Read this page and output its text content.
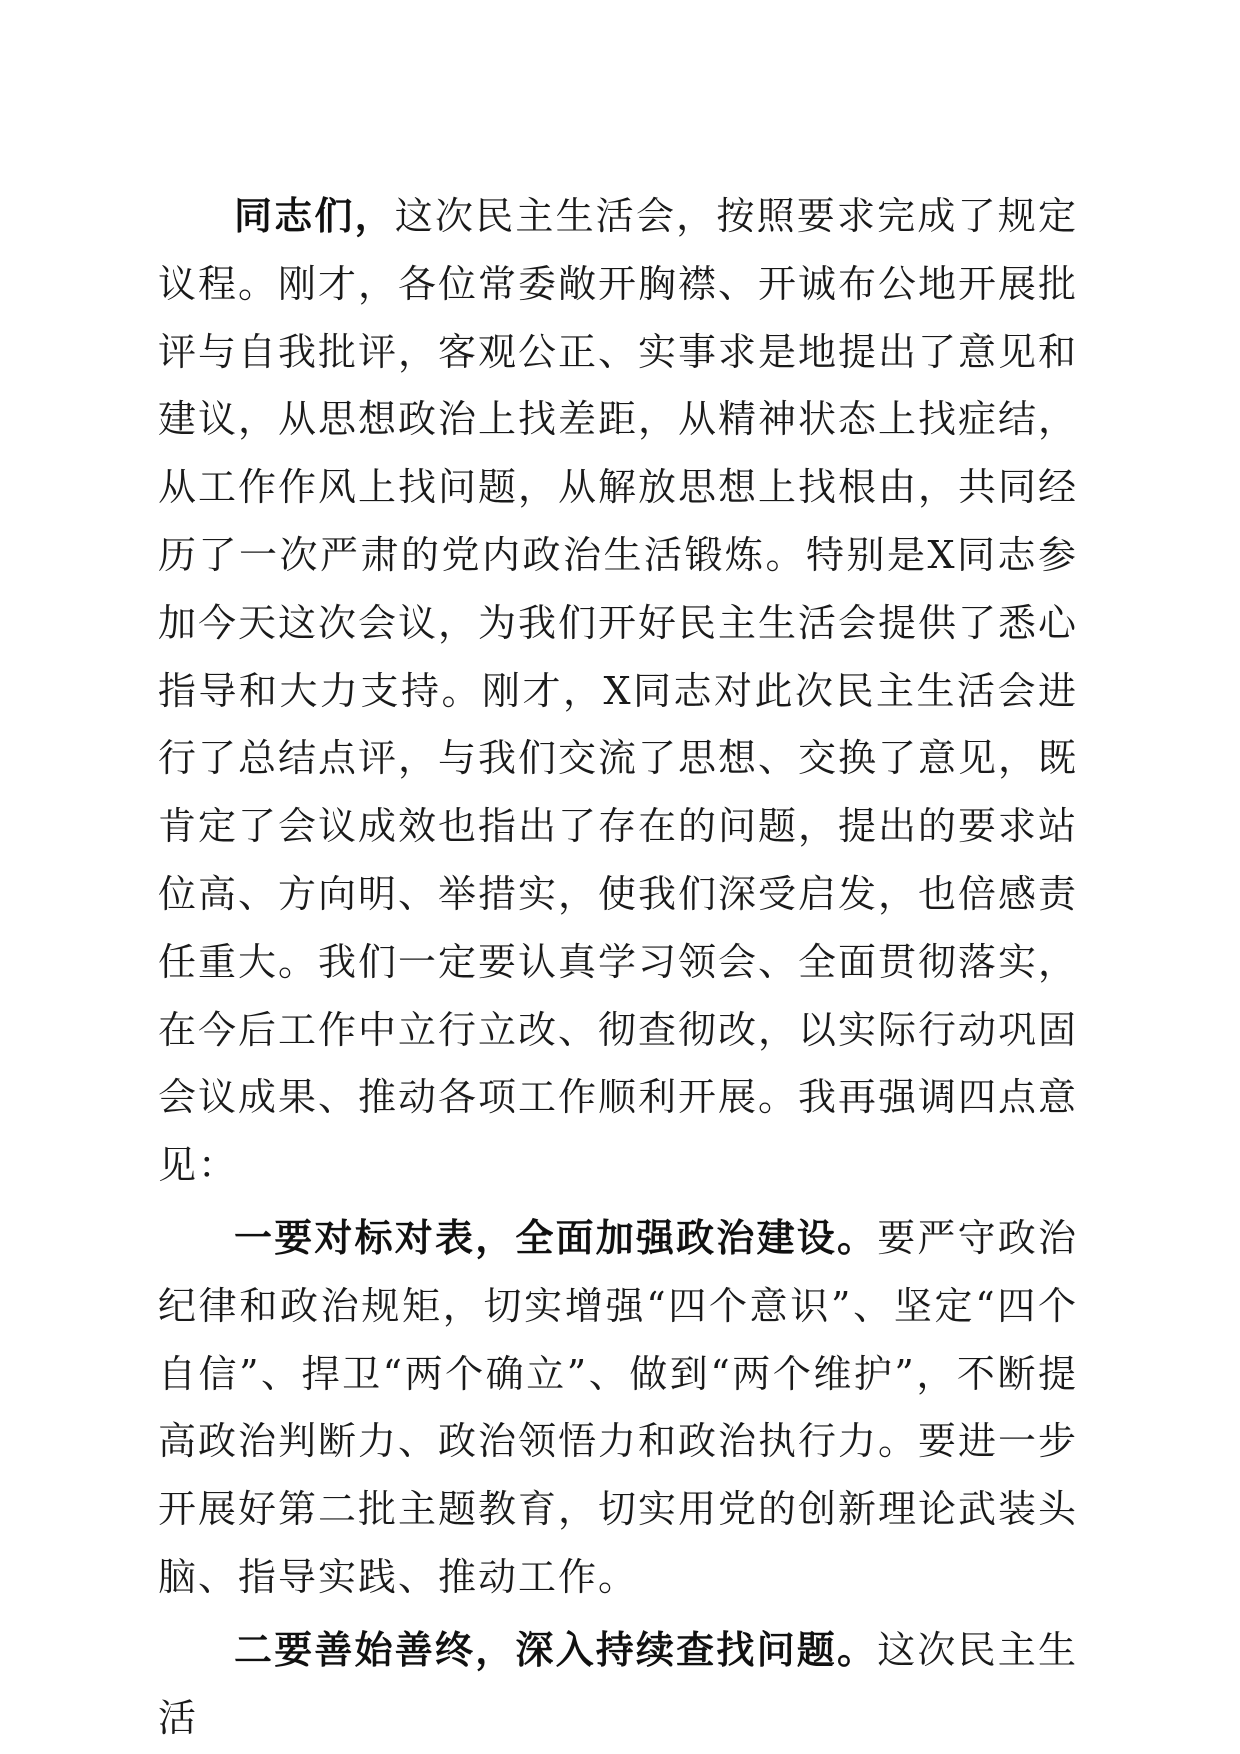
同志们，这次民主生活会，按照要求完成了规定议程。刚才，各位常委敞开胸襟、开诚布公地开展批评与自我批评，客观公正、实事求是地提出了意见和建议，从思想政治上找差距，从精神状态上找症结，从工作作风上找问题，从解放思想上找根由，共同经历了一次严肃的党内政治生活锻炼。特别是X同志参加今天这次会议，为我们开好民主生活会提供了悉心指导和大力支持。刚才，X同志对此次民主生活会进行了总结点评，与我们交流了思想、交换了意见，既肯定了会议成效也指出了存在的问题，提出的要求站位高、方向明、举措实，使我们深受启发，也倍感责任重大。我们一定要认真学习领会、全面贯彻落实，在今后工作中立行立改、彻查彻改，以实际行动巩固会议成果、推动各项工作顺利开展。我再强调四点意见：

一要对标对表，全面加强政治建设。要严守政治纪律和政治规矩，切实增强“四个意识”、坚定“四个自信”、捍卫“两个确立”、做到“两个维护”，不断提高政治判断力、政治领悟力和政治执行力。要进一步开展好第二批主题教育，切实用党的创新理论武装头脑、指导实践、推动工作。

二要善始善终，深入持续查找问题。这次民主生活
